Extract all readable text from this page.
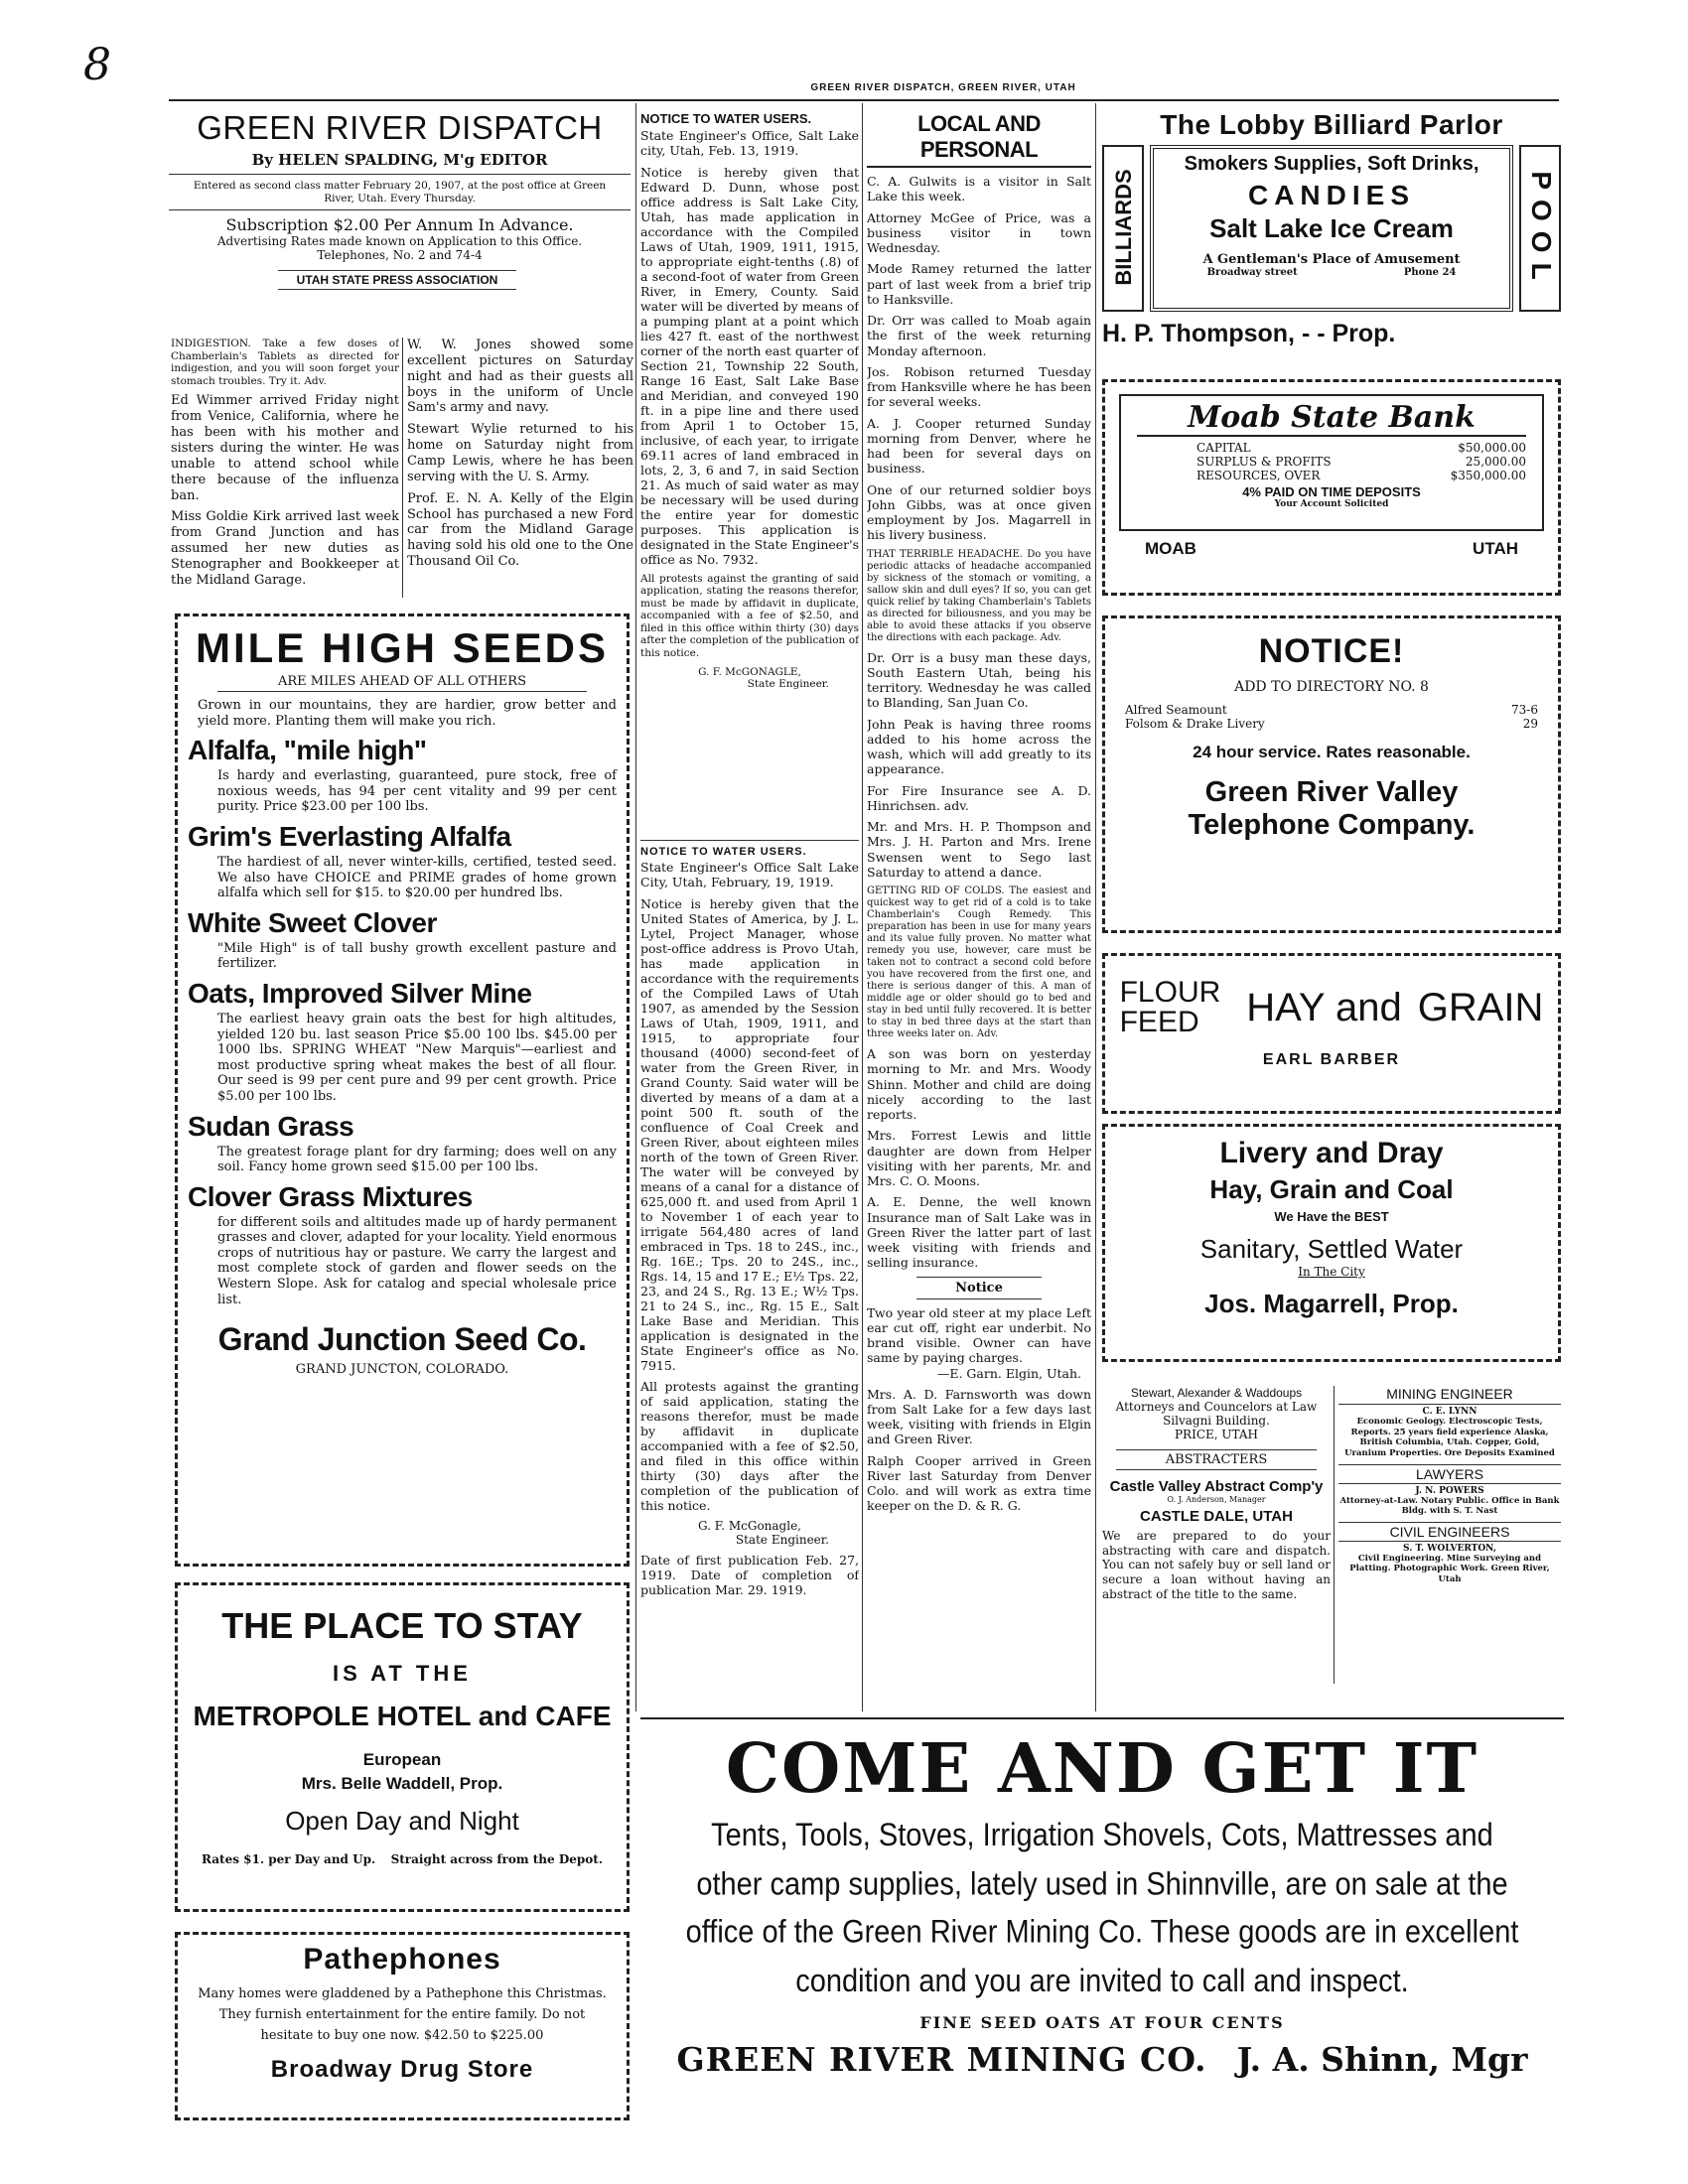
8	GREEN RIVER DISPATCH, GREEN RIVER, UTAH
GREEN RIVER DISPATCH
By HELEN SPALDING, M'g EDITOR
Entered as second class matter February 20, 1907, at the post office at Green River, Utah. Every Thursday.
Subscription $2.00 Per Annum In Advance.
Advertising Rates made known on Application to this Office.
Telephones, No. 2 and 74-4
UTAH STATE PRESS ASSOCIATION

INDIGESTION. Take a few doses of Chamberlain's Tablets as directed for indigestion, and you will soon forget your stomach troubles. Try it. Adv.

Ed Wimmer arrived Friday night from Venice, California, where he has been with his mother and sisters during the winter. He was unable to attend school while there because of the influenza ban.

Miss Goldie Kirk arrived last week from Grand Junction and has assumed her new duties as Stenographer and Bookkeeper at the Midland Garage.

W. W. Jones showed some excellent pictures on Saturday night and had as their guests all boys in the uniform of Uncle Sam's army and navy.

Stewart Wylie returned to his home on Saturday night from Camp Lewis, where he has been serving with the U. S. Army.

Prof. E. N. A. Kelly of the Elgin School has purchased a new Ford car from the Midland Garage having sold his old one to the One Thousand Oil Co.

MILE HIGH SEEDS
ARE MILES AHEAD OF ALL OTHERS
Grown in our mountains, they are hardier, grow better and yield more. Planting them will make you rich.
Alfalfa, "mile high"
Is hardy and everlasting, guaranteed, pure stock, free of noxious weeds, has 94 per cent vitality and 99 per cent purity. Price $23.00 per 100 lbs.
Grim's Everlasting Alfalfa
The hardiest of all, never winter-kills, certified, tested seed. We also have CHOICE and PRIME grades of home grown alfalfa which sell for $15. to $20.00 per hundred lbs.
White Sweet Clover
"Mile High" is of tall bushy growth excellent pasture and fertilizer.
Oats, Improved Silver Mine
The earliest heavy grain oats the best for high altitudes, yielded 120 bu. last season Price $5.00 100 lbs. $45.00 per 1000 lbs. SPRING WHEAT "New Marquis"—earliest and most productive spring wheat makes the best of all flour. Our seed is 99 per cent pure and 99 per cent growth. Price $5.00 per 100 lbs.
Sudan Grass
The greatest forage plant for dry farming; does well on any soil. Fancy home grown seed $15.00 per 100 lbs.
Clover Grass Mixtures
for different soils and altitudes made up of hardy permanent grasses and clover, adapted for your locality. Yield enormous crops of nutritious hay or pasture. We carry the largest and most complete stock of garden and flower seeds on the Western Slope. Ask for catalog and special wholesale price list.
Grand Junction Seed Co.
GRAND JUNCTON, COLORADO.
THE PLACE TO STAY
IS AT THE
METROPOLE HOTEL and CAFE
European
Mrs. Belle Waddell, Prop.
Open Day and Night
Rates $1. per Day and Up. Straight across from the Depot.
Pathephones
Many homes were gladdened by a Pathephone this Christmas. They furnish entertainment for the entire family. Do not hesitate to buy one now. $42.50 to $225.00
Broadway Drug Store
NOTICE TO WATER USERS.

State Engineer's Office, Salt Lake city, Utah, Feb. 13, 1919.

Notice is hereby given that Edward D. Dunn, whose post office address is Salt Lake City, Utah, has made application in accordance with the Compiled Laws of Utah, 1909, 1911, 1915, to appropriate eight-tenths (.8) of a second-foot of water from Green River, in Emery, County. Said water will be diverted by means of a pumping plant at a point which lies 427 ft. east of the northwest corner of the north east quarter of Section 21, Township 22 South, Range 16 East, Salt Lake Base and Meridian, and conveyed 190 ft. in a pipe line and there used from April 1 to October 15, inclusive, of each year, to irrigate 69.11 acres of land embraced in lots, 2, 3, 6 and 7, in said Section 21. As much of said water as may be necessary will be used during the entire year for domestic purposes. This application is designated in the State Engineer's office as No. 7932.

All protests against the granting of said application, stating the reasons therefor, must be made by affidavit in duplicate, accompanied with a fee of $2.50, and filed in this office within thirty (30) days after the completion of the publication of this notice.

G. F. McGONAGLE,
State Engineer.
NOTICE TO WATER USERS.

State Engineer's Office Salt Lake City, Utah, February, 19, 1919.

Notice is hereby given that the United States of America, by J. L. Lytel, Project Manager, whose post-office address is Provo Utah, has made application in accordance with the requirements of the Compiled Laws of Utah 1907, as amended by the Session Laws of Utah, 1909, 1911, and 1915, to appropriate four thousand (4000) second-feet of water from the Green River, in Grand County. Said water will be diverted by means of a dam at a point 500 ft. south of the confluence of Coal Creek and Green River, about eighteen miles north of the town of Green River. The water will be conveyed by means of a canal for a distance of 625,000 ft. and used from April 1 to November 1 of each year to irrigate 564,480 acres of land embraced in Tps. 18 to 24S., inc., Rg. 16E.; Tps. 20 to 24S., inc., Rgs. 14, 15 and 17 E.; E½ Tps. 22, 23, and 24 S., Rg. 13 E.; W½ Tps. 21 to 24 S., inc., Rg. 15 E., Salt Lake Base and Meridian. This application is designated in the State Engineer's office as No. 7915.

All protests against the granting of said application, stating the reasons therefor, must be made by affidavit in duplicate accompanied with a fee of $2.50, and filed in this office within thirty (30) days after the completion of the publication of this notice.

G. F. McGonagle,
State Engineer.

Date of first publication Feb. 27, 1919. Date of completion of publication Mar. 29. 1919.

LOCAL AND PERSONAL

C. A. Gulwits is a visitor in Salt Lake this week.

Attorney McGee of Price, was a business visitor in town Wednesday.

Mode Ramey returned the latter part of last week from a brief trip to Hanksville.

Dr. Orr was called to Moab again the first of the week returning Monday afternoon.

Jos. Robison returned Tuesday from Hanksville where he has been for several weeks.

A. J. Cooper returned Sunday morning from Denver, where he had been for several days on business.

One of our returned soldier boys John Gibbs, was at once given employment by Jos. Magarrell in his livery business.

THAT TERRIBLE HEADACHE. Do you have periodic attacks of headache accompanied by sickness of the stomach or vomiting, a sallow skin and dull eyes? If so, you can get quick relief by taking Chamberlain's Tablets as directed for biliousness, and you may be able to avoid these attacks if you observe the directions with each package. Adv.

Dr. Orr is a busy man these days, South Eastern Utah, being his territory. Wednesday he was called to Blanding, San Juan Co.

John Peak is having three rooms added to his home across the wash, which will add greatly to its appearance.

For Fire Insurance see A. D. Hinrichsen. adv.

Mr. and Mrs. H. P. Thompson and Mrs. J. H. Parton and Mrs. Irene Swensen went to Sego last Saturday to attend a dance.

GETTING RID OF COLDS. The easiest and quickest way to get rid of a cold is to take Chamberlain's Cough Remedy. This preparation has been in use for many years and its value fully proven. No matter what remedy you use, however, care must be taken not to contract a second cold before you have recovered from the first one, and there is serious danger of this. A man of middle age or older should go to bed and stay in bed until fully recovered. It is better to stay in bed three days at the start than three weeks later on. Adv.

A son was born on yesterday morning to Mr. and Mrs. Woody Shinn. Mother and child are doing nicely according to the last reports.

Mrs. Forrest Lewis and little daughter are down from Helper visiting with her parents, Mr. and Mrs. C. O. Moons.

A. E. Denne, the well known Insurance man of Salt Lake was in Green River the latter part of last week visiting with friends and selling insurance.

Notice

Two year old steer at my place Left ear cut off, right ear underbit. No brand visible. Owner can have same by paying charges.

—E. Garn. Elgin, Utah.

Mrs. A. D. Farnsworth was down from Salt Lake for a few days last week, visiting with friends in Elgin and Green River.

Ralph Cooper arrived in Green River last Saturday from Denver Colo. and will work as extra time keeper on the D. & R. G.

The Lobby Billiard Parlor
BILLIARDS
Smokers Supplies, Soft Drinks,
CANDIES
Salt Lake Ice Cream
A Gentleman's Place of Amusement
Broadway street	Phone 24	POOL
H. P. Thompson, - - Prop.
Moab State Bank
CAPITAL	$50,000.00
SURPLUS & PROFITS	25,000.00
RESOURCES, OVER	$350,000.00
4% PAID ON TIME DEPOSITS
Your Account Solicited
MOAB	UTAH
NOTICE!
ADD TO DIRECTORY NO. 8
Alfred Seamount	73-6
Folsom & Drake Livery	29
24 hour service. Rates reasonable.
Green River Valley
Telephone Company.
FLOUR
FEED	HAY and GRAIN
EARL BARBER
Livery and Dray
Hay, Grain and Coal
We Have the BEST
Sanitary, Settled Water
In The City
Jos. Magarrell, Prop.
Stewart, Alexander & Waddoups
Attorneys and Councelors at Law
Silvagni Building.
PRICE, UTAH
ABSTRACTERS
Castle Valley Abstract Comp'y
O. J. Anderson, Manager
CASTLE DALE, UTAH

We are prepared to do your abstracting with care and dispatch. You can not safely buy or sell land or secure a loan without having an abstract of the title to the same.

MINING ENGINEER
C. E. LYNN
Economic Geology. Electroscopic Tests, Reports. 25 years field experience Alaska, British Columbia, Utah. Copper, Gold, Uranium Properties. Ore Deposits Examined
LAWYERS
J. N. POWERS
Attorney-at-Law. Notary Public. Office in Bank Bldg. with S. T. Nast
CIVIL ENGINEERS
S. T. WOLVERTON,
Civil Engineering. Mine Surveying and Platting. Photographic Work. Green River, Utah
COME AND GET IT
Tents, Tools, Stoves, Irrigation Shovels, Cots, Mattresses and other camp supplies, lately used in Shinnville, are on sale at the office of the Green River Mining Co. These goods are in excellent condition and you are invited to call and inspect.
FINE SEED OATS AT FOUR CENTS
GREEN RIVER MINING CO. J. A. Shinn, Mgr
